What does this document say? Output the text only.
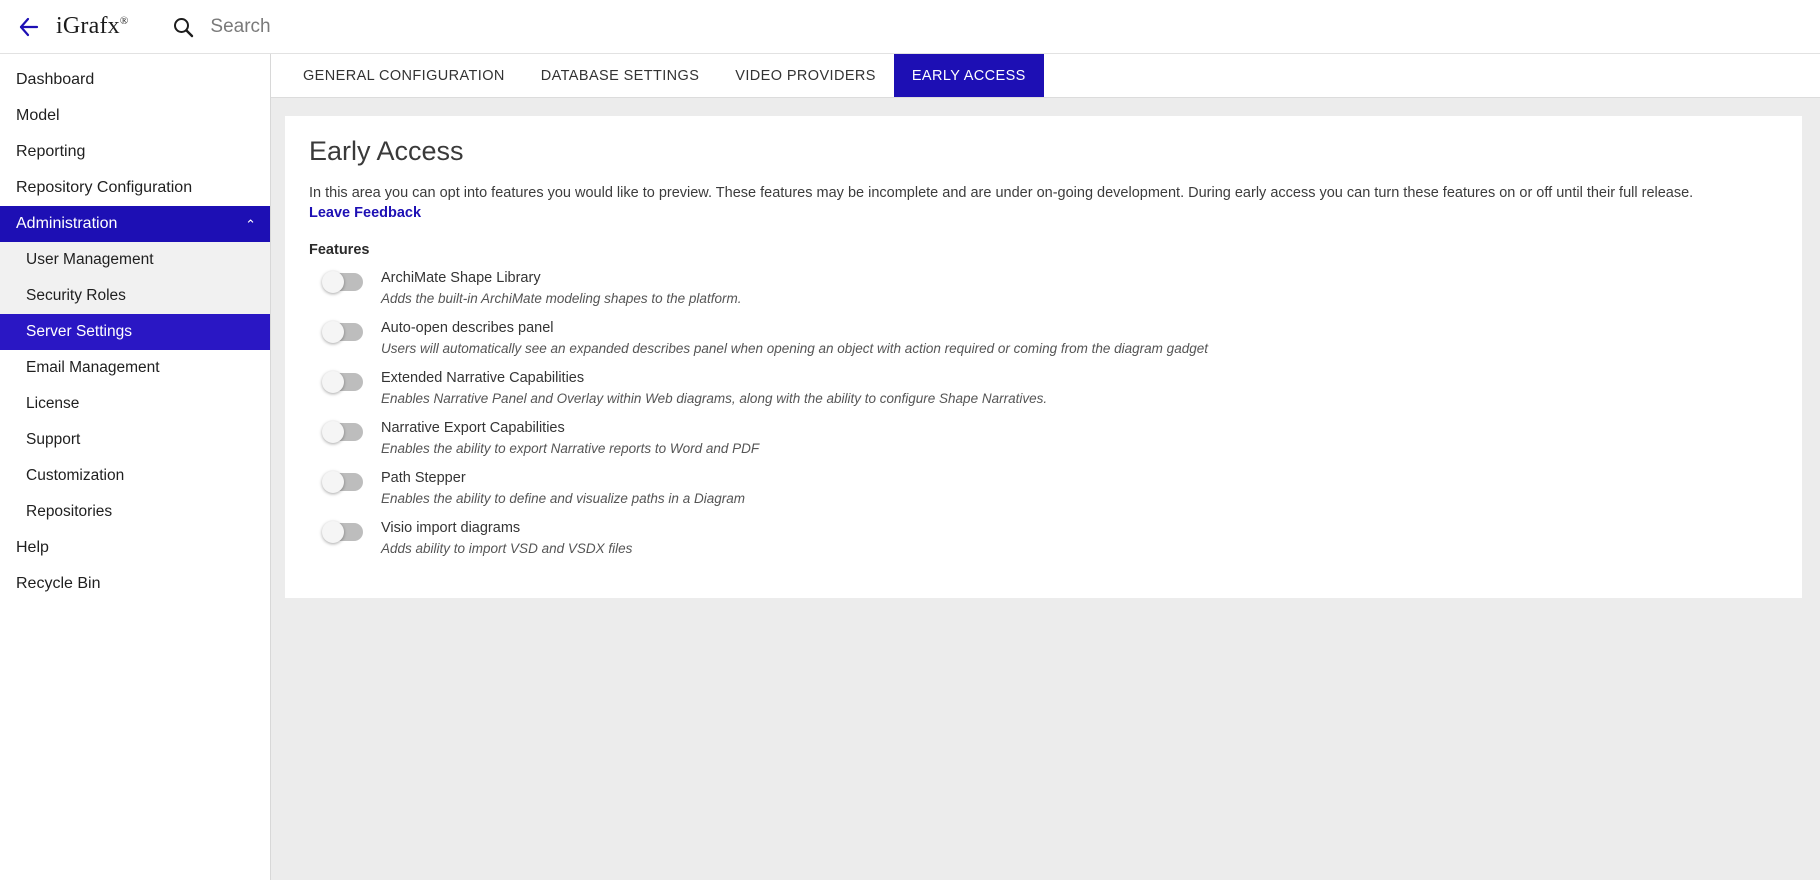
iGrafx®
Search
Dashboard
Model
Reporting
Repository Configuration
Administration	⌃
User Management
Security Roles
Server Settings
Email Management
License
Support
Customization
Repositories
Help
Recycle Bin
GENERAL CONFIGURATION DATABASE SETTINGS VIDEO PROVIDERS EARLY ACCESS
Early Access
In this area you can opt into features you would like to preview. These features may be incomplete and are under on-going development. During early access you can turn these features on or off until their full release. Leave Feedback
Features
ArchiMate Shape Library
Adds the built-in ArchiMate modeling shapes to the platform.
Auto-open describes panel
Users will automatically see an expanded describes panel when opening an object with action required or coming from the diagram gadget
Extended Narrative Capabilities
Enables Narrative Panel and Overlay within Web diagrams, along with the ability to configure Shape Narratives.
Narrative Export Capabilities
Enables the ability to export Narrative reports to Word and PDF
Path Stepper
Enables the ability to define and visualize paths in a Diagram
Visio import diagrams
Adds ability to import VSD and VSDX files
